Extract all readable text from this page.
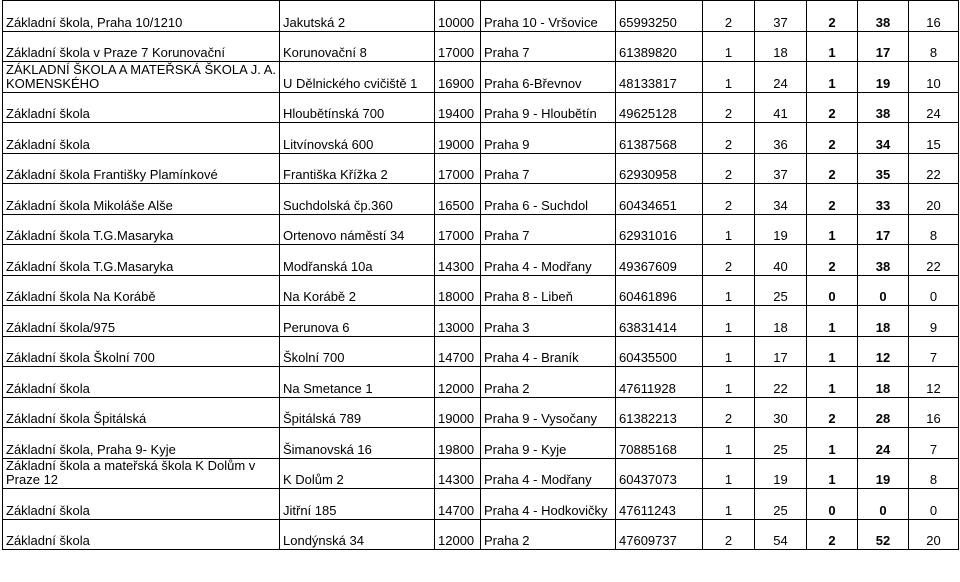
Základní škola, Praha 10/1210	Jakutská 2	10000	Praha 10 - Vršovice	65993250	2	37	2	38	16
Základní škola v Praze 7 Korunovační	Korunovační 8	17000	Praha 7	61389820	1	18	1	17	8
ZÁKLADNÍ ŠKOLA A MATEŘSKÁ ŠKOLA J. A. KOMENSKÉHO	U Dělnického cvičiště 1	16900	Praha 6-Břevnov	48133817	1	24	1	19	10
Základní škola	Hloubětínská 700	19400	Praha 9 - Hloubětín	49625128	2	41	2	38	24
Základní škola	Litvínovská 600	19000	Praha 9	61387568	2	36	2	34	15
Základní škola Františky Plamínkové	Františka Křížka 2	17000	Praha 7	62930958	2	37	2	35	22
Základní škola Mikoláše Alše	Suchdolská čp.360	16500	Praha 6 - Suchdol	60434651	2	34	2	33	20
Základní škola T.G.Masaryka	Ortenovo náměstí 34	17000	Praha 7	62931016	1	19	1	17	8
Základní škola T.G.Masaryka	Modřanská 10a	14300	Praha 4 - Modřany	49367609	2	40	2	38	22
Základní škola Na Korábě	Na Korábě 2	18000	Praha 8 - Libeň	60461896	1	25	0	0	0
Základní škola/975	Perunova 6	13000	Praha 3	63831414	1	18	1	18	9
Základní škola Školní 700	Školní 700	14700	Praha 4 - Braník	60435500	1	17	1	12	7
Základní škola	Na Smetance 1	12000	Praha 2	47611928	1	22	1	18	12
Základní škola Špitálská	Špitálská 789	19000	Praha 9 - Vysočany	61382213	2	30	2	28	16
Základní škola, Praha 9- Kyje	Šimanovská 16	19800	Praha 9 - Kyje	70885168	1	25	1	24	7
Základní škola a mateřská škola K Dolům v Praze 12	K Dolům 2	14300	Praha 4 - Modřany	60437073	1	19	1	19	8
Základní škola	Jitřní 185	14700	Praha 4 - Hodkovičky	47611243	1	25	0	0	0
Základní škola	Londýnská 34	12000	Praha 2	47609737	2	54	2	52	20
